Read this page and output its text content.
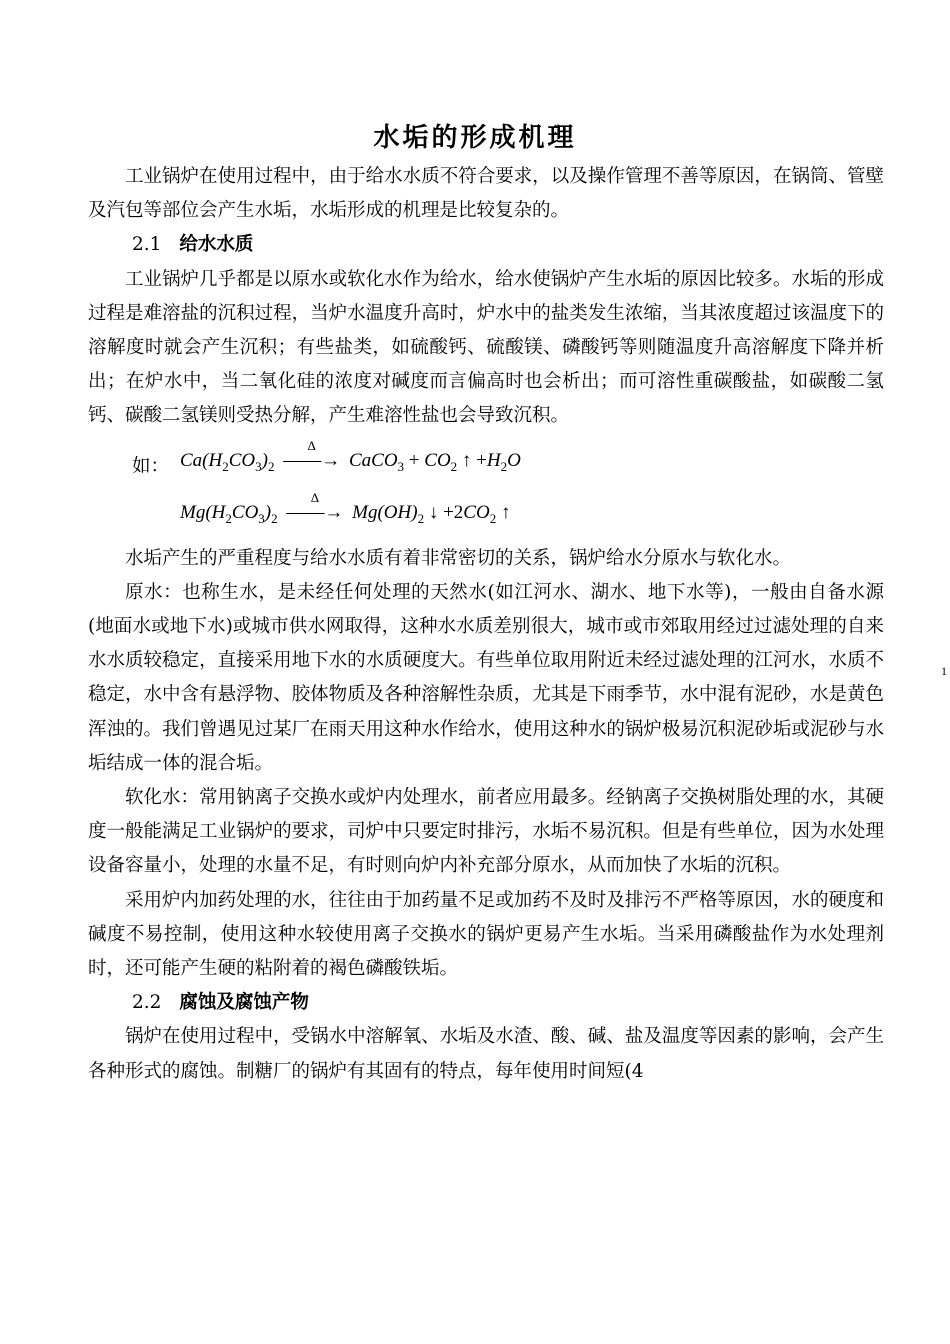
水垢的形成机理

工业锅炉在使用过程中，由于给水水质不符合要求，以及操作管理不善等原因，在锅筒、管壁及汽包等部位会产生水垢，水垢形成的机理是比较复杂的。

2.1 给水水质

工业锅炉几乎都是以原水或软化水作为给水，给水使锅炉产生水垢的原因比较多。水垢的形成过程是难溶盐的沉积过程，当炉水温度升高时，炉水中的盐类发生浓缩，当其浓度超过该温度下的溶解度时就会产生沉积；有些盐类，如硫酸钙、硫酸镁、磷酸钙等则随温度升高溶解度下降并析出；在炉水中，当二氧化硅的浓度对碱度而言偏高时也会析出；而可溶性重碳酸盐，如碳酸二氢钙、碳酸二氢镁则受热分解，产生难溶性盐也会导致沉积。

如： $Ca(H_2CO_3)_2$
Δ
——→ CaCO$_3$ + $CO_2$ ↑ $+H_2O$
$Mg(H_2CO_3)_2$
Δ
——→ $Mg(OH)_2$ ↓ $+2CO_2$ ↑

水垢产生的严重程度与给水水质有着非常密切的关系，锅炉给水分原水与软化水。

原水：也称生水，是未经任何处理的天然水(如江河水、湖水、地下水等)，一般由自备水源(地面水或地下水)或城市供水网取得，这种水水质差别很大，城市或市郊取用经过过滤处理的自来水水质较稳定，直接采用地下水的水质硬度大。有些单位取用附近未经过滤处理的江河水，水质不稳定，水中含有悬浮物、胶体物质及各种溶解性杂质，尤其是下雨季节，水中混有泥砂，水是黄色浑浊的。我们曾遇见过某厂在雨天用这种水作给水，使用这种水的锅炉极易沉积泥砂垢或泥砂与水垢结成一体的混合垢。

软化水：常用钠离子交换水或炉内处理水，前者应用最多。经钠离子交换树脂处理的水，其硬度一般能满足工业锅炉的要求，司炉中只要定时排污，水垢不易沉积。但是有些单位，因为水处理设备容量小，处理的水量不足，有时则向炉内补充部分原水，从而加快了水垢的沉积。

采用炉内加药处理的水，往往由于加药量不足或加药不及时及排污不严格等原因，水的硬度和碱度不易控制，使用这种水较使用离子交换水的锅炉更易产生水垢。当采用磷酸盐作为水处理剂时，还可能产生硬的粘附着的褐色磷酸铁垢。

2.2 腐蚀及腐蚀产物

锅炉在使用过程中，受锅水中溶解氧、水垢及水渣、酸、碱、盐及温度等因素的影响，会产生各种形式的腐蚀。制糖厂的锅炉有其固有的特点，每年使用时间短(4

1
